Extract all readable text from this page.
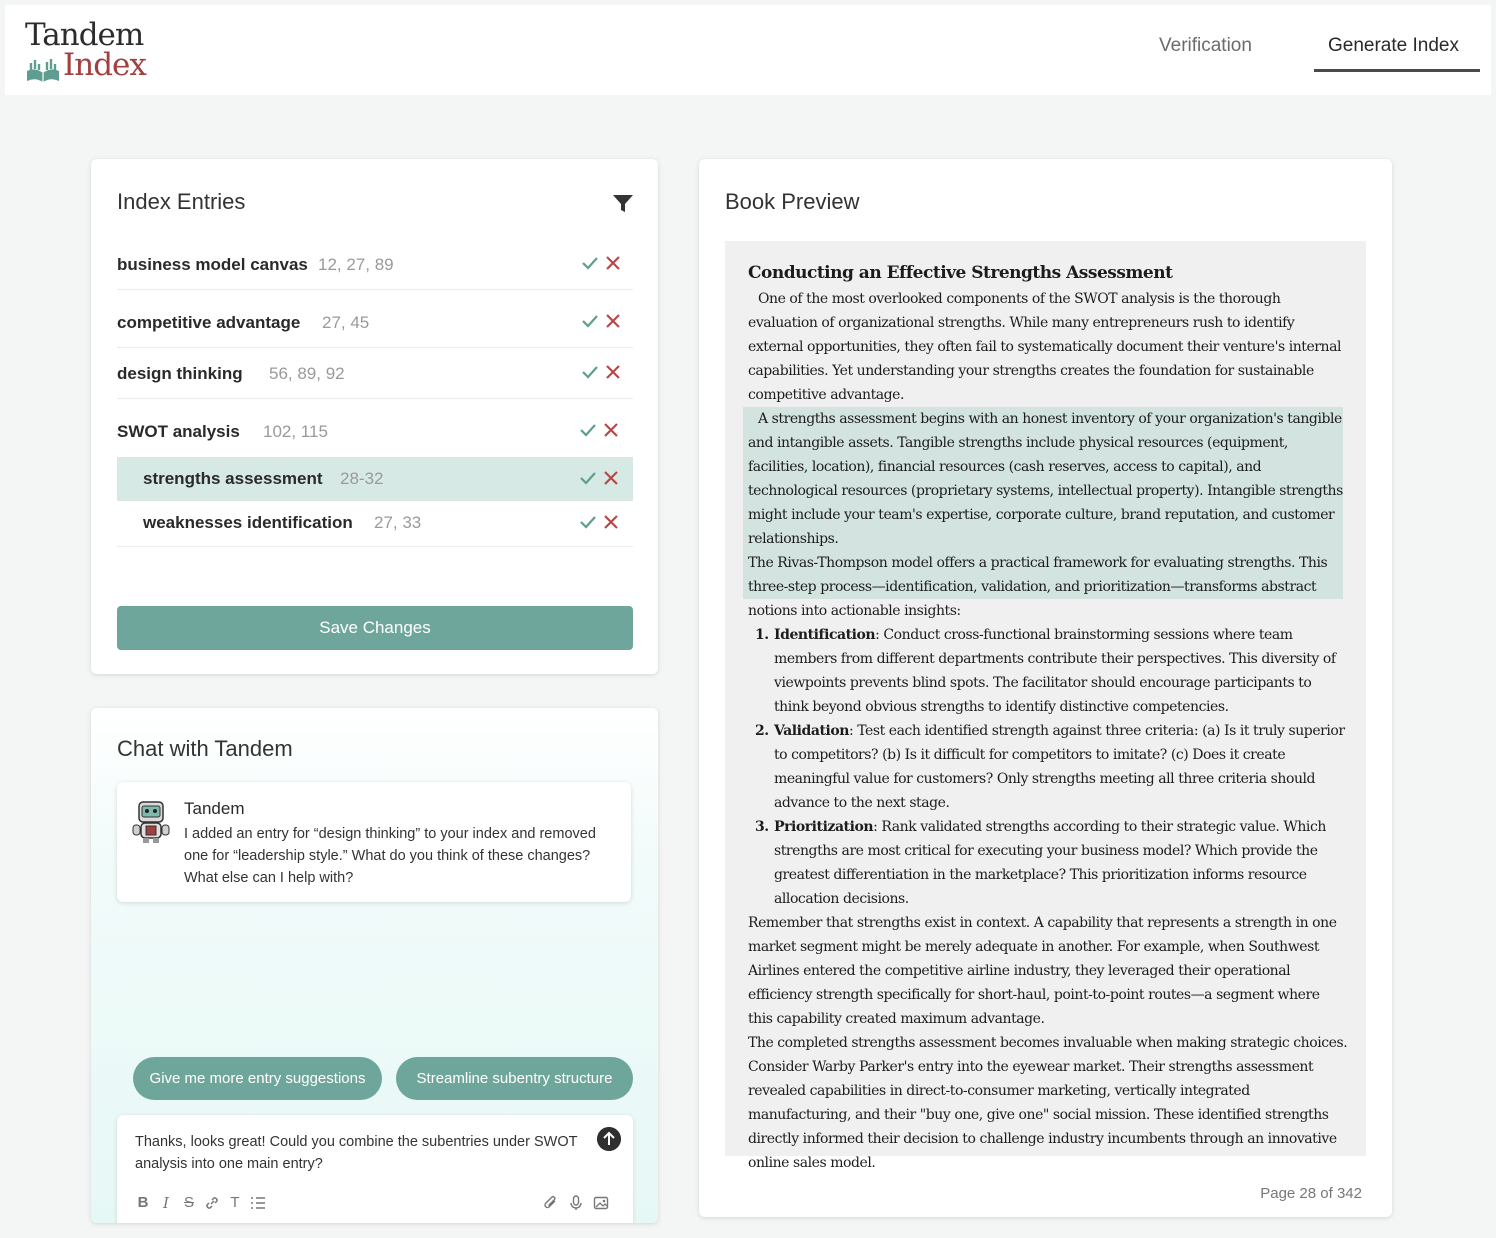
Tandem
Index
Verification	Generate Index
Index Entries
business model canvas 12, 27, 89
competitive advantage 27, 45
design thinking 56, 89, 92
SWOT analysis 102, 115
strengths assessment 28-32
weaknesses identification 27, 33
Save Changes
Chat with Tandem
Tandem
I added an entry for “design thinking” to your index and removed one for “leadership style.” What do you think of these changes? What else can I help with?
Give me more entry suggestions	Streamline subentry structure
Thanks, looks great! Could you combine the subentries under SWOT analysis into one main entry?
B I	S T
Book Preview
Conducting an Effective Strengths Assessment

One of the most overlooked components of the SWOT analysis is the thorough evaluation of organizational strengths. While many entrepreneurs rush to identify external opportunities, they often fail to systematically document their venture's internal capabilities. Yet understanding your strengths creates the foundation for sustainable competitive advantage.

A strengths assessment begins with an honest inventory of your organization's tangible and intangible assets. Tangible strengths include physical resources (equipment, facilities, location), financial resources (cash reserves, access to capital), and technological resources (proprietary systems, intellectual property). Intangible strengths might include your team's expertise, corporate culture, brand reputation, and customer relationships.

The Rivas-Thompson model offers a practical framework for evaluating strengths. This three-step process—identification, validation, and prioritization—transforms abstract notions into actionable insights:

1. Identification: Conduct cross-functional brainstorming sessions where team members from different departments contribute their perspectives. This diversity of viewpoints prevents blind spots. The facilitator should encourage participants to think beyond obvious strengths to identify distinctive competencies.
2. Validation: Test each identified strength against three criteria: (a) Is it truly superior to competitors? (b) Is it difficult for competitors to imitate? (c) Does it create meaningful value for customers? Only strengths meeting all three criteria should advance to the next stage.
3. Prioritization: Rank validated strengths according to their strategic value. Which strengths are most critical for executing your business model? Which provide the greatest differentiation in the marketplace? This prioritization informs resource allocation decisions.

Remember that strengths exist in context. A capability that represents a strength in one market segment might be merely adequate in another. For example, when Southwest Airlines entered the competitive airline industry, they leveraged their operational efficiency strength specifically for short-haul, point-to-point routes—a segment where this capability created maximum advantage.

The completed strengths assessment becomes invaluable when making strategic choices. Consider Warby Parker's entry into the eyewear market. Their strengths assessment revealed capabilities in direct-to-consumer marketing, vertically integrated manufacturing, and their "buy one, give one" social mission. These identified strengths directly informed their decision to challenge industry incumbents through an innovative online sales model.

Page 28 of 342
